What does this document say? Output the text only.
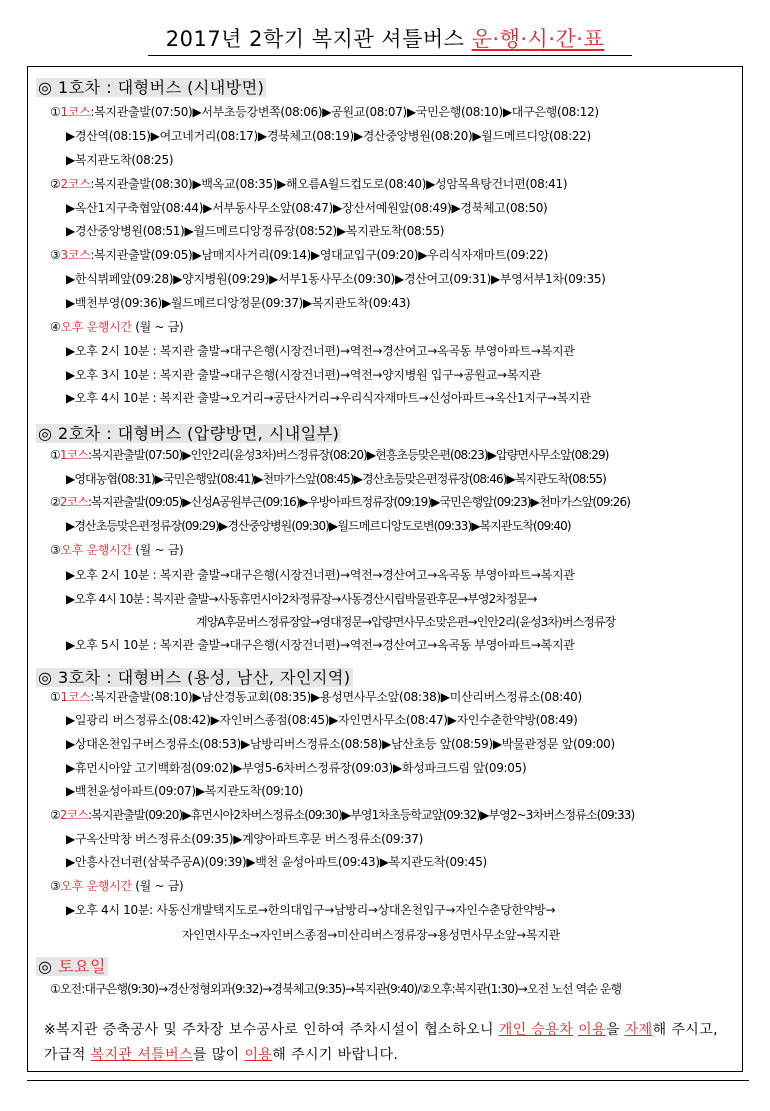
2017년 2학기 복지관 셔틀버스 운·행·시·간·표
◎ 1호차 : 대형버스 (시내방면)
①1코스:복지관출발(07:50)▶서부초등강변쪽(08:06)▶공원교(08:07)▶국민은행(08:10)▶대구은행(08:12)
▶경산역(08:15)▶여고네거리(08:17)▶경북체고(08:19)▶경산중앙병원(08:20)▶월드메르디앙(08:22)
▶복지관도착(08:25)
②2코스:복지관출발(08:30)▶백옥교(08:35)▶해오름A월드컵도로(08:40)▶성암목욕탕건너편(08:41)
▶옥산1지구축협앞(08:44)▶서부동사무소앞(08:47)▶장산서예원앞(08:49)▶경북체고(08:50)
▶경산중앙병원(08:51)▶월드메르디앙정류장(08:52)▶복지관도착(08:55)
③3코스:복지관출발(09:05)▶남매지사거리(09:14)▶영대교입구(09:20)▶우리식자재마트(09:22)
▶한식뷔페앞(09:28)▶양지병원(09:29)▶서부1동사무소(09:30)▶경산여고(09:31)▶부영서부1차(09:35)
▶백천부영(09:36)▶월드메르디앙정문(09:37)▶복지관도착(09:43)
④오후 운행시간 (월 ~ 금)
▶오후 2시 10분 : 복지관 출발→대구은행(시장건너편)→역전→경산여고→옥곡동 부영아파트→복지관
▶오후 3시 10분 : 복지관 출발→대구은행(시장건너편)→역전→양지병원 입구→공원교→복지관
▶오후 4시 10분 : 복지관 출발→오거리→공단사거리→우리식자재마트→신성아파트→옥산1지구→복지관
◎ 2호차 : 대형버스 (압량방면, 시내일부)
①1코스:복지관출발(07:50)▶인안2리(윤성3차)버스정류장(08:20)▶현흥초등맞은편(08:23)▶압량면사무소앞(08:29)
▶영대농협(08:31)▶국민은행앞(08:41)▶천마가스앞(08:45)▶경산초등맞은편정류장(08:46)▶복지관도착(08:55)
②2코스:복지관출발(09:05)▶신성A공원부근(09:16)▶우방아파트정류장(09:19)▶국민은행앞(09:23)▶천마가스앞(09:26)
▶경산초등맞은편정류장(09:29)▶경산중앙병원(09:30)▶월드메르디앙도로변(09:33)▶복지관도착(09:40)
③오후 운행시간 (월 ~ 금)
▶오후 2시 10분 : 복지관 출발→대구은행(시장건너편)→역전→경산여고→옥곡동 부영아파트→복지관
▶오후 4시 10분 : 복지관 출발→사동휴먼시아2차정류장→사동경산시립박물관후문→부영2차정문→
계양A후문버스정류장앞→영대정문→압량면사무소맞은편→인안2리(윤성3차)버스정류장
▶오후 5시 10분 : 복지관 출발→대구은행(시장건너편)→역전→경산여고→옥곡동 부영아파트→복지관
◎ 3호차 : 대형버스 (용성, 남산, 자인지역)
①1코스:복지관출발(08:10)▶남산경동교회(08:35)▶용성면사무소앞(08:38)▶미산리버스정류소(08:40)
▶일광리 버스정류소(08:42)▶자인버스종점(08:45)▶자인면사무소(08:47)▶자인수춘한약방(08:49)
▶상대온천입구버스정류소(08:53)▶남방리버스정류소(08:58)▶남산초등 앞(08:59)▶박물관정문 앞(09:00)
▶휴먼시아앞 고기백화점(09:02)▶부영5-6차버스정류장(09:03)▶화성파크드림 앞(09:05)
▶백천윤성아파트(09:07)▶복지관도착(09:10)
②2코스:복지관출발(09:20)▶휴먼시아2차버스정류소(09:30)▶부영1차초등학교앞(09:32)▶부영2~3차버스정류소(09:33)
▶구옥산막창 버스정류소(09:35)▶계양아파트후문 버스정류소(09:37)
▶안흥사건너편(삼북주공A)(09:39)▶백천 윤성아파트(09:43)▶복지관도착(09:45)
③오후 운행시간 (월 ~ 금)
▶오후 4시 10분: 사동신개발택지도로→한의대입구→남방리→상대온천입구→자인수춘당한약방→
자인면사무소→자인버스종점→미산리버스정류장→용성면사무소앞→복지관
◎ 토요일
①오전:대구은행(9:30)→경산정형외과(9:32)→경북체고(9:35)→복지관(9:40)/②오후:복지관(1:30)→오전 노선 역순 운행
※복지관 증축공사 및 주차장 보수공사로 인하여 주차시설이 협소하오니 개인 승용차 이용을 자제해 주시고, 가급적 복지관 셔틀버스를 많이 이용해 주시기 바랍니다.
